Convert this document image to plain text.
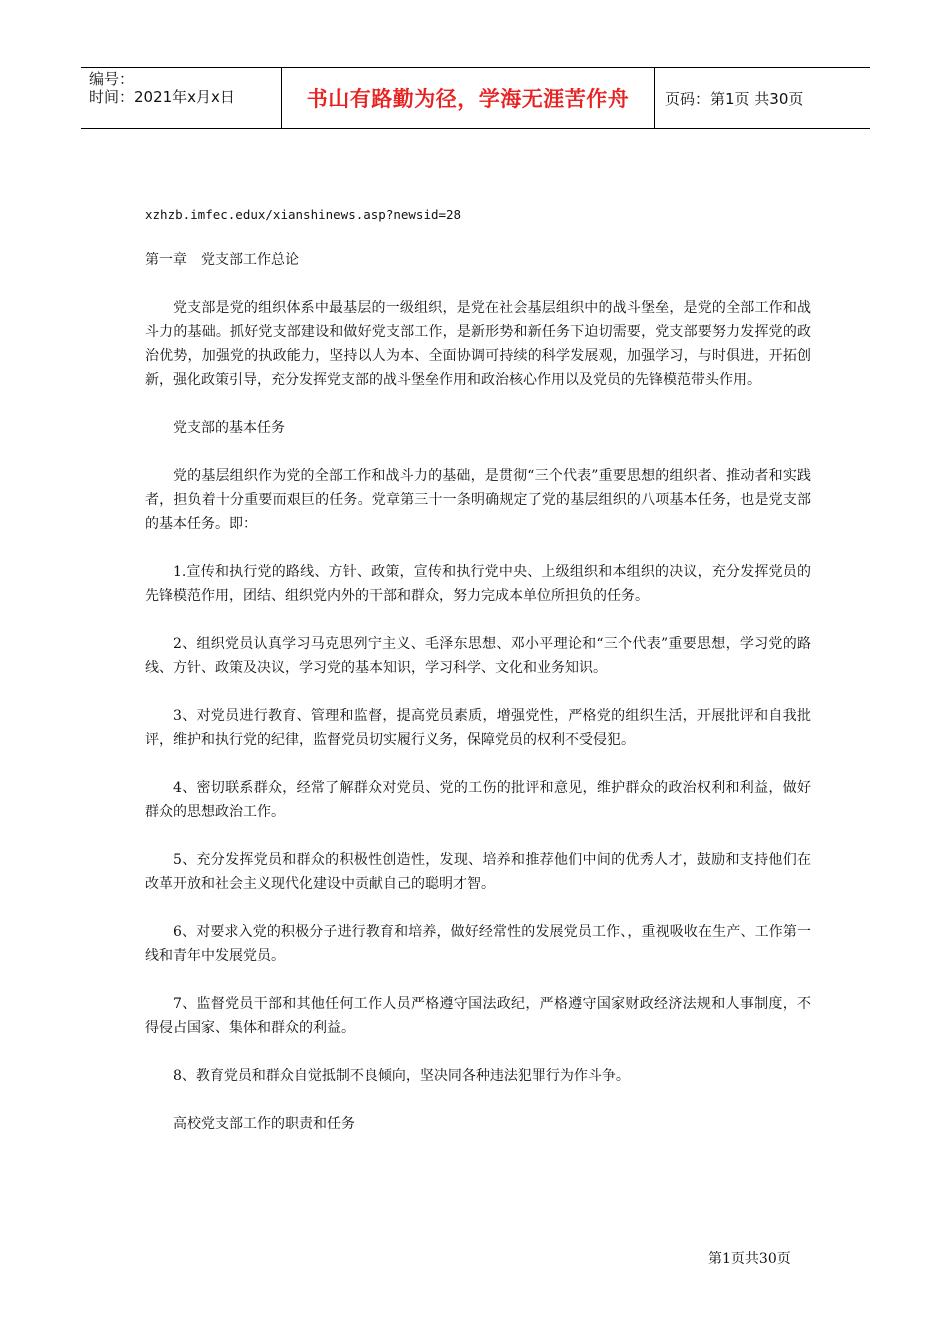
编号：
时间：2021年x月x日	书山有路勤为径，学海无涯苦作舟 页码：第1页 共30页

xzhzb.imfec.edux/xianshinews.asp?newsid=28

第一章　党支部工作总论

党支部是党的组织体系中最基层的一级组织，是党在社会基层组织中的战斗堡垒，是党的全部工作和战斗力的基础。抓好党支部建设和做好党支部工作，是新形势和新任务下迫切需要，党支部要努力发挥党的政治优势，加强党的执政能力，坚持以人为本、全面协调可持续的科学发展观，加强学习，与时俱进，开拓创新，强化政策引导，充分发挥党支部的战斗堡垒作用和政治核心作用以及党员的先锋模范带头作用。

党支部的基本任务

党的基层组织作为党的全部工作和战斗力的基础，是贯彻“三个代表”重要思想的组织者、推动者和实践者，担负着十分重要而艰巨的任务。党章第三十一条明确规定了党的基层组织的八项基本任务，也是党支部的基本任务。即：

1.宣传和执行党的路线、方针、政策，宣传和执行党中央、上级组织和本组织的决议，充分发挥党员的先锋模范作用，团结、组织党内外的干部和群众，努力完成本单位所担负的任务。

2、组织党员认真学习马克思列宁主义、毛泽东思想、邓小平理论和“三个代表”重要思想，学习党的路线、方针、政策及决议，学习党的基本知识，学习科学、文化和业务知识。

3、对党员进行教育、管理和监督，提高党员素质，增强党性，严格党的组织生活，开展批评和自我批评，维护和执行党的纪律，监督党员切实履行义务，保障党员的权利不受侵犯。

4、密切联系群众，经常了解群众对党员、党的工伤的批评和意见，维护群众的政治权利和利益，做好群众的思想政治工作。

5、充分发挥党员和群众的积极性创造性，发现、培养和推荐他们中间的优秀人才，鼓励和支持他们在改革开放和社会主义现代化建设中贡献自己的聪明才智。

6、对要求入党的积极分子进行教育和培养，做好经常性的发展党员工作、，重视吸收在生产、工作第一线和青年中发展党员。

7、监督党员干部和其他任何工作人员严格遵守国法政纪，严格遵守国家财政经济法规和人事制度，不得侵占国家、集体和群众的利益。

8、教育党员和群众自觉抵制不良倾向，坚决同各种违法犯罪行为作斗争。

高校党支部工作的职责和任务

第1页共30页
